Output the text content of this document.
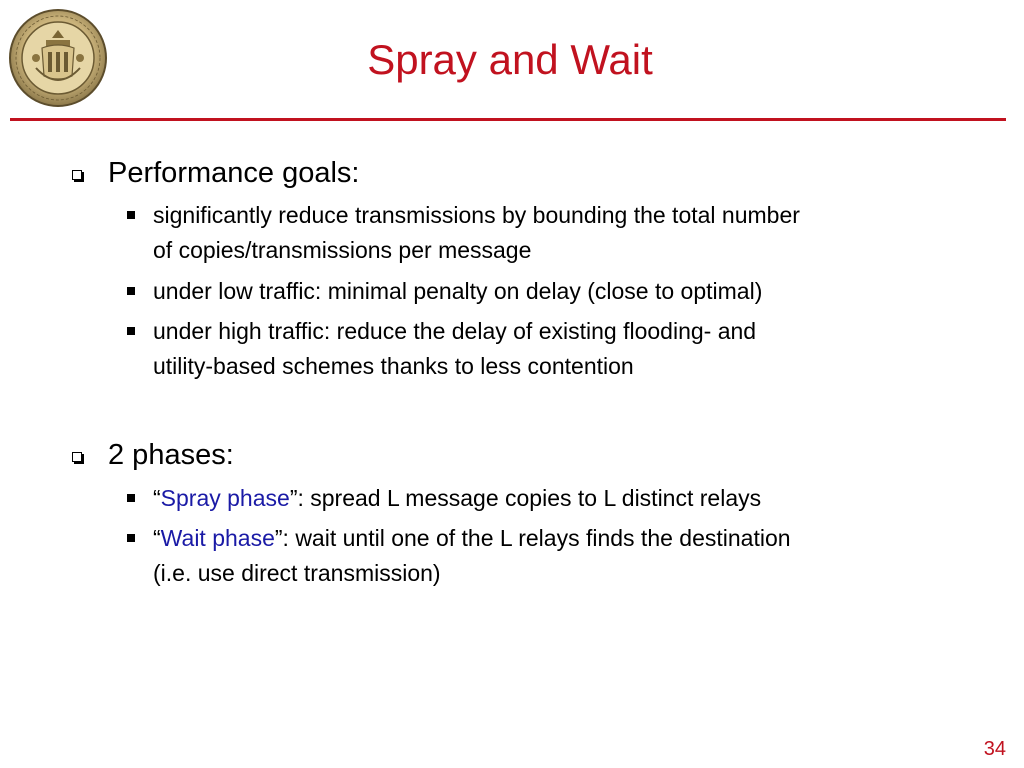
Spray and Wait
Performance goals:
significantly reduce transmissions by bounding the total number
of copies/transmissions per message
under low traffic: minimal penalty on delay (close to optimal)
under high traffic: reduce the delay of existing flooding- and
utility-based schemes thanks to less contention
2 phases:
“Spray phase”: spread L message copies to L distinct relays
“Wait phase”: wait until one of the L relays finds the destination
(i.e. use direct transmission)
34
